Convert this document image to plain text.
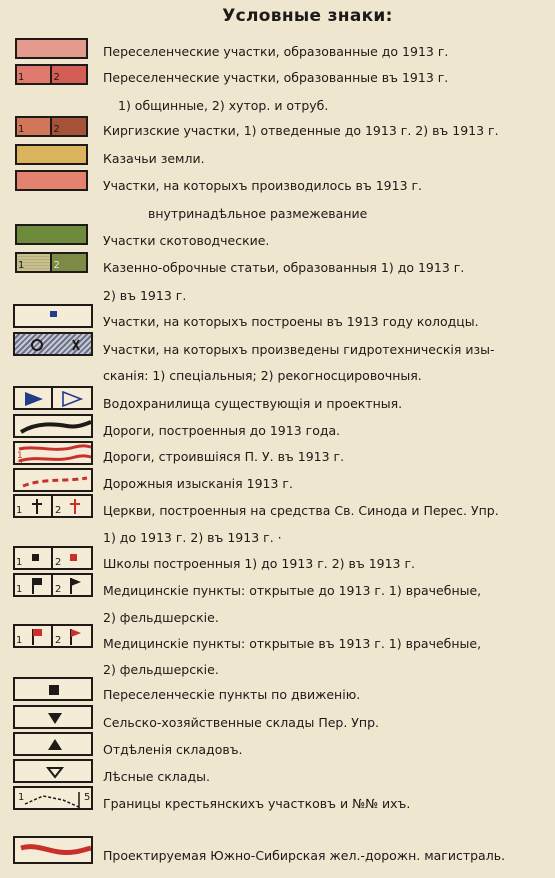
Условные знаки:
Переселенческие участки, образованные до 1913 г.
1	2	Переселенческие участки, образованные въ 1913 г.
1) общинные, 2) хутор. и отруб.
1	2	Киргизские участки, 1) отведенные до 1913 г. 2) въ 1913 г.
Казачьи земли.
Участки, на которыхъ производилось въ 1913 г.
внутринадѣльное размежевание
Участки скотоводческие.
1	2	Казенно-оброчные статьи, образованныя 1) до 1913 г.
2) въ 1913 г.
Участки, на которыхъ построены въ 1913 году колодцы.
Участки, на которыхъ произведены гидротехническія изы-
сканія: 1) спеціальныя; 2) рекогносцировочныя.
Водохранилища существующія и проектныя.
Дороги, построенныя до 1913 года.
1
2
Дороги, строившіяся П. У. въ 1913 г.
Дорожныя изысканія 1913 г.
1	2	Церкви, построенныя на средства Св. Синода и Перес. Упр.
1) до 1913 г. 2) въ 1913 г. ·
1	2	Школы построенныя 1) до 1913 г. 2) въ 1913 г.
1	2	Медицинскіе пункты: открытые до 1913 г. 1) врачебные,
2) фельдшерскіе.
1	2	Медицинскіе пункты: открытые въ 1913 г. 1) врачебные,
2) фельдшерскіе.
Переселенческіе пункты по движенію.
Сельско-хозяйственные склады Пер. Упр.
Отдѣленія складовъ.
Лѣсные склады.
1	5 Границы крестьянскихъ участковъ и №№ ихъ.
Проектируемая Южно-Сибирская жел.-дорожн. магистраль.
